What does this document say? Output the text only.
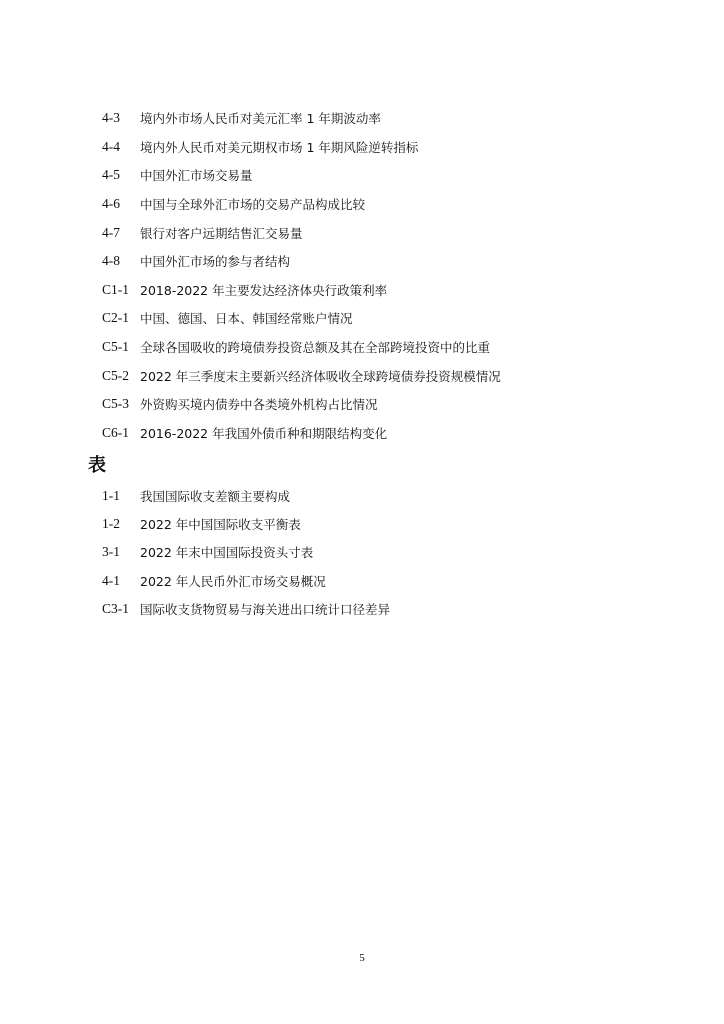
4-3	境内外市场人民币对美元汇率 1 年期波动率
4-4	境内外人民币对美元期权市场 1 年期风险逆转指标
4-5	中国外汇市场交易量
4-6	中国与全球外汇市场的交易产品构成比较
4-7	银行对客户远期结售汇交易量
4-8	中国外汇市场的参与者结构
C1-1 2018-2022 年主要发达经济体央行政策利率
C2-1 中国、德国、日本、韩国经常账户情况
C5-1 全球各国吸收的跨境债券投资总额及其在全部跨境投资中的比重
C5-2 2022 年三季度末主要新兴经济体吸收全球跨境债券投资规模情况
C5-3 外资购买境内债券中各类境外机构占比情况
C6-1 2016-2022 年我国外债币种和期限结构变化
表
1-1	我国国际收支差额主要构成
1-2	2022 年中国国际收支平衡表
3-1	2022 年末中国国际投资头寸表
4-1	2022 年人民币外汇市场交易概况
C3-1 国际收支货物贸易与海关进出口统计口径差异
5
